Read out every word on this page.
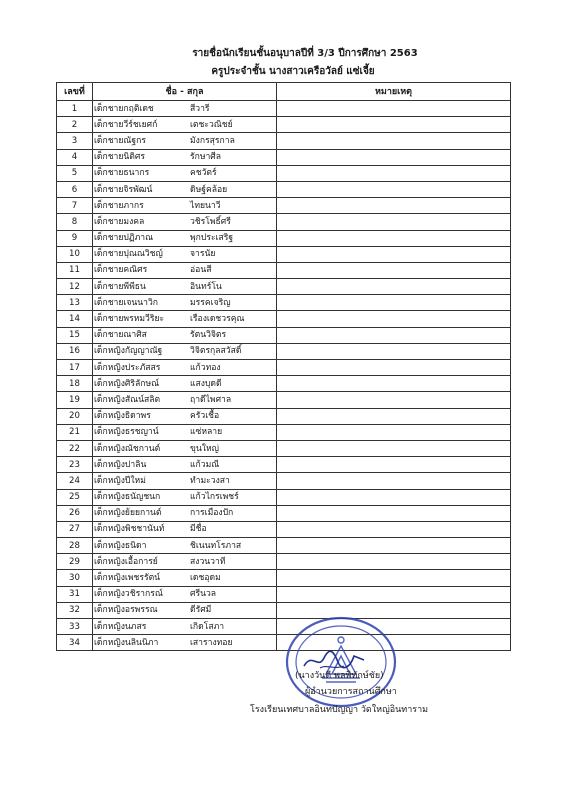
รายชื่อนักเรียนชั้นอนุบาลปีที่ 3/3 ปีการศึกษา 2563
ครูประจำชั้น นางสาวเครือวัลย์ แซ่เจี้ย
เลขที่	ชื่อ - สกุล	หมายเหตุ
1	เด็กชายกฤติเดช สีวารี	
2	เด็กชายวีร์ชเยศก์ เตชะวณิชย์	
3	เด็กชายณัฐกร มังกรสุรกาล	
4	เด็กชายนิติศร รักษาศีล	
5	เด็กชายธนากร คชวัตร์	
6	เด็กชายจิรพัฒน์ ดิษฐ์คล้อย	
7	เด็กชายภากร ไทยนาวี	
8	เด็กชายมงคล วชิรโพธิ์ศรี	
9	เด็กชายปฏิภาณ พุกประเสริฐ	
10	เด็กชายปุณณวิชญ์ จารนัย	
11	เด็กชายคณิศร อ่อนสี	
12	เด็กชายพีพีธน อินทร์โน	
13	เด็กชายเจนนาวิก มรรคเจริญ	
14	เด็กชายพรหมวีริยะ เรืองเดชวรคุณ	
15	เด็กชายณาศิส รัตนวิจิตร	
16	เด็กหญิงกัญญาณัฐ วิจิตรกุลสวัสดิ์	
17	เด็กหญิงประภัสสร แก้วทอง	
18	เด็กหญิงศิริลักษณ์ แสงบุดดี	
19	เด็กหญิงสัณน์สลิต ฤาดีไพศาล	
20	เด็กหญิงธิดาพร ครัวเชื้อ	
21	เด็กหญิงธรชญาน์ แซ่หลาย	
22	เด็กหญิงณัชกานต์ ขุนใหญ่	
23	เด็กหญิงปาลิน แก้วมณี	
24	เด็กหญิงปีใหม่ ทำมะวงสา	
25	เด็กหญิงธนัญชนก แก้วไกรเพชร์	
26	เด็กหญิงย้ยยกานต์ การเมืองปัก	
27	เด็กหญิงพิชชานันท์ มีชื่อ	
28	เด็กหญิงธนิดา ชิเนนทโรภาส	
29	เด็กหญิงเอื้อการย์ สงวนวาที	
30	เด็กหญิงเพชรรัตน์ เดชอุดม	
31	เด็กหญิงวชิรากรณ์ ศรีนวล	
32	เด็กหญิงอรพรรณ ดีรัศมี	
33	เด็กหญิงนภสร เกิดโสภา	
34	เด็กหญิงนลินนิภา เสารางทอย	
(นางวันดี พลพิทักษ์ชัย)
ผู้อำนวยการสถานศึกษา
โรงเรียนเทศบาลอินทปัญญา วัดใหญ่อินทาราม
